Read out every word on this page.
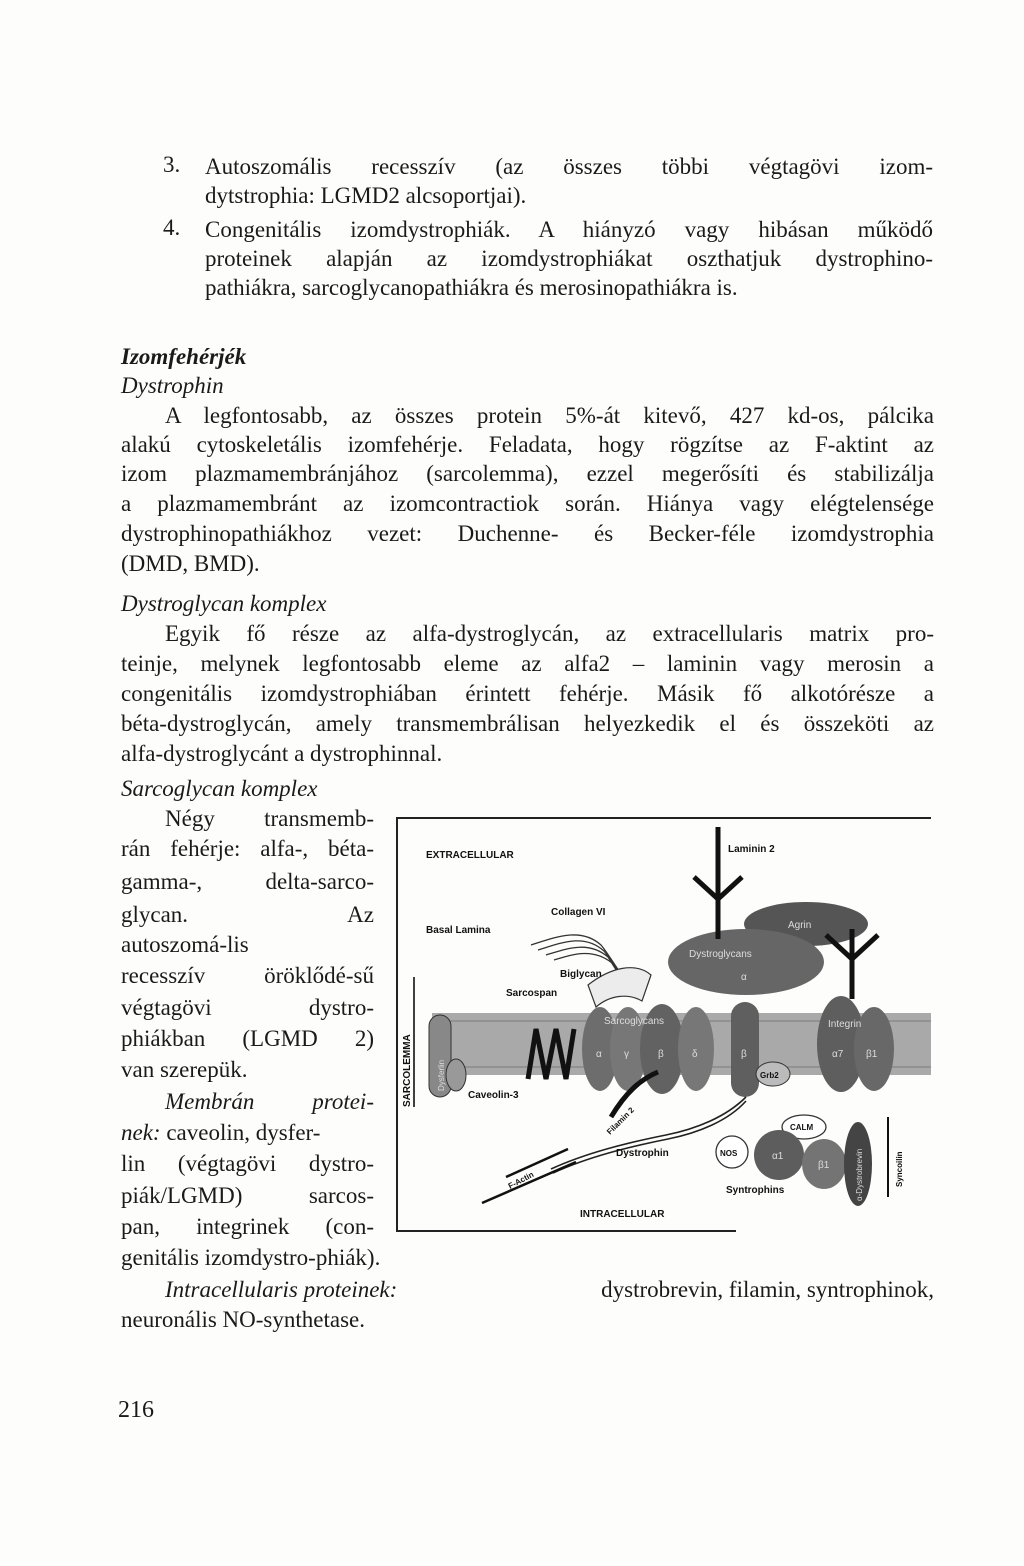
3. Autoszomális recesszív (az összes többi végtagövi izom-
dytstrophia: LGMD2 alcsoportjai).
4. Congenitális izomdystrophiák. A hiányzó vagy hibásan működő
proteinek alapján az izomdystrophiákat oszthatjuk dystrophino-
pathiákra, sarcoglycanopathiákra és merosinopathiákra is.
Izomfehérjék
Dystrophin
A legfontosabb, az összes protein 5%-át kitevő, 427 kd-os, pálcika
alakú cytoskeletális izomfehérje. Feladata, hogy rögzítse az F-aktint az
izom plazmamembránjához (sarcolemma), ezzel megerősíti és stabilizálja
a plazmamembránt az izomcontractiok során. Hiánya vagy elégtelensége
dystrophinopathiákhoz vezet: Duchenne- és Becker-féle izomdystrophia
(DMD, BMD).
Dystroglycan komplex
Egyik fő része az alfa-dystroglycán, az extracellularis matrix pro-
teinje, melynek legfontosabb eleme az alfa2 – laminin vagy merosin a
congenitális izomdystrophiában érintett fehérje. Másik fő alkotórésze a
béta-dystroglycán, amely transmembrálisan helyezkedik el és összeköti az
alfa-dystroglycánt a dystrophinnal.
Sarcoglycan komplex
Négy transmemb-
rán fehérje: alfa-, béta-
gamma-, delta-sarco-
glycan. Az
autoszomá-lis
recesszív öröklődé-sű
végtagövi dystro-
phiákban (LGMD 2)
van szerepük.
Membrán protei-
nek: caveolin, dysfer-
lin (végtagövi dystro-
piák/LGMD) sarcos-
pan, integrinek (con-
genitális izomdystro-phiák).
Intracellularis proteinek:	dystrobrevin, filamin, syntrophinok,
neuronális NO-synthetase.
216
EXTRACELLULAR
Laminin 2
Collagen VI
Basal Lamina	Agrin
Dystroglycans
α
Biglycan
Sarcospan
Sarcoglycans
α γ	β	δ	β
Integrin
α7 β1
SARCOLEMMA	Dysferlin
Caveolin-3
Grb2
Filamin 2
F-Actin
Dystrophin	NOS
CALM
α1
β1
Syntrophins	α-Dystrobrevin	Syncoilin
INTRACELLULAR
